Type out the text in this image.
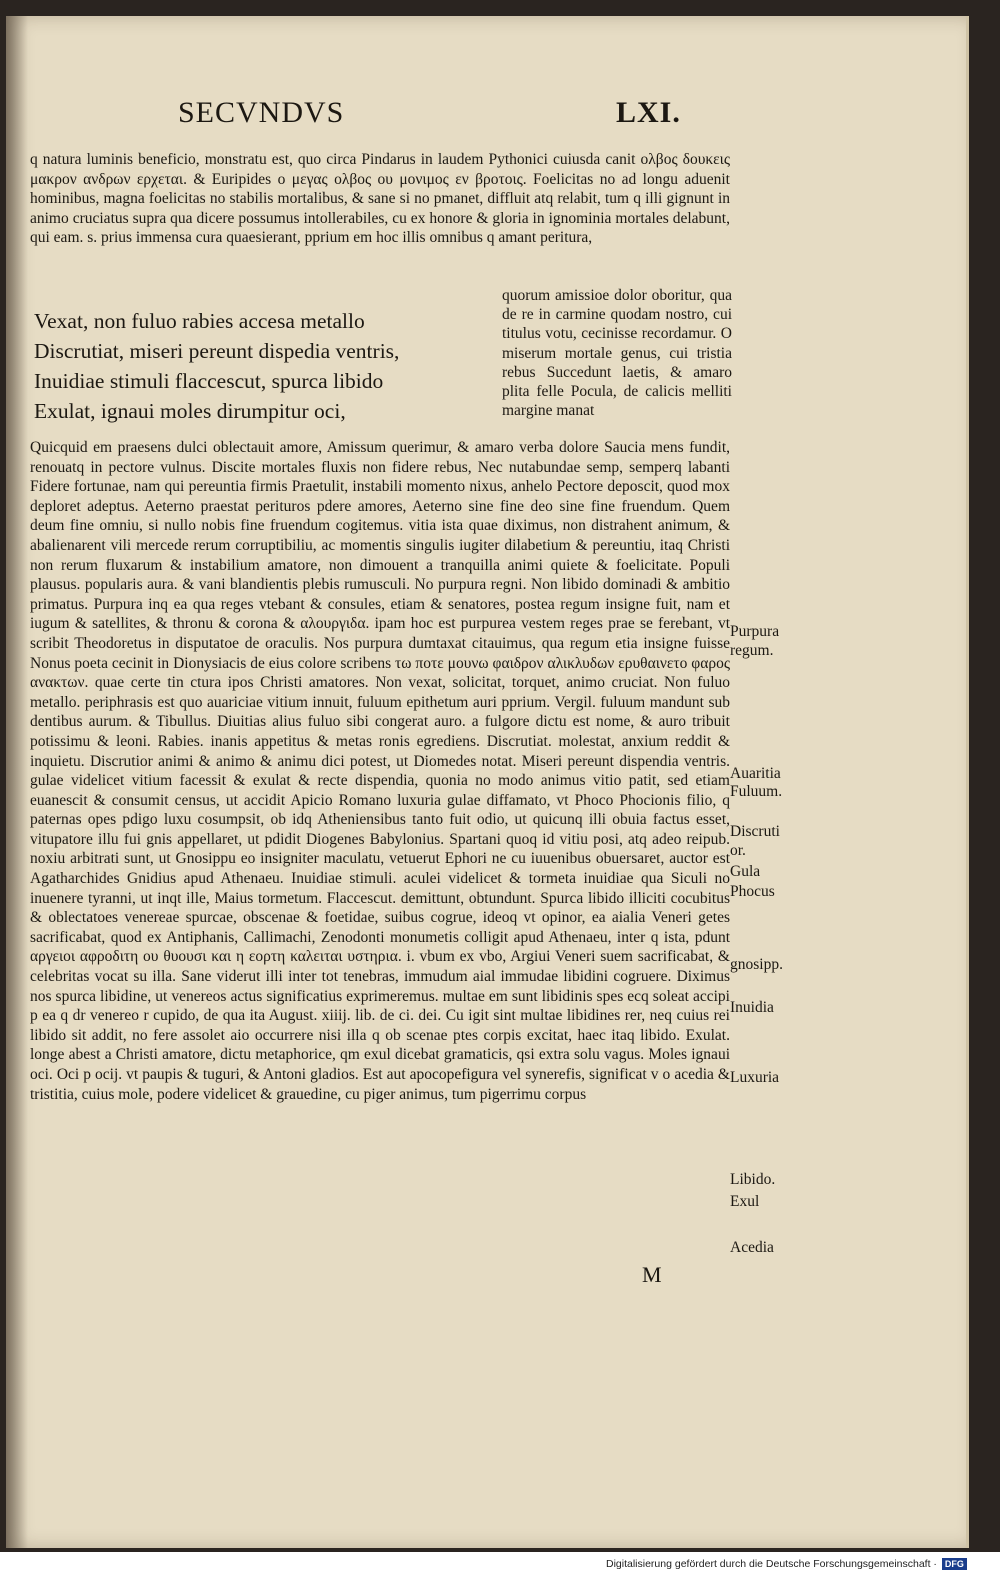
SECVNDVS	LXI.

q natura luminis beneficio, monstratu est, quo circa Pindarus in laudem Pythonici cuiusda canit ολβος δουκεις μακρον ανδρων ερχεται. & Euripides ο μεγας ολβος ου μονιμος εν βροτοις. Foelicitas no ad longu aduenit hominibus, magna foelicitas no stabilis mortalibus, & sane si no pmanet, diffluit atq relabit, tum q illi gignunt in animo cruciatus supra qua dicere possumus intollerabiles, cu ex honore & gloria in ignominia mortales delabunt, qui eam. s. prius immensa cura quaesierant, pprium em hoc illis omnibus q amant peritura,

Vexat, non fuluo rabies accesa metallo
Discrutiat, miseri pereunt dispedia ventris,
Inuidiae stimuli flaccescut, spurca libido
Exulat, ignaui moles dirumpitur oci,
quorum amissioe dolor oboritur, qua de re in carmine quodam nostro, cui titulus votu, cecinisse recordamur. O miserum mortale genus, cui tristia rebus Succedunt laetis, & amaro plita felle Pocula, de calicis melliti margine manat

Quicquid em praesens dulci oblectauit amore, Amissum querimur, & amaro verba dolore Saucia mens fundit, renouatq in pectore vulnus. Discite mortales fluxis non fidere rebus, Nec nutabundae semp, semperq labanti Fidere fortunae, nam qui pereuntia firmis Praetulit, instabili momento nixus, anhelo Pectore deposcit, quod mox deploret adeptus. Aeterno praestat perituros pdere amores, Aeterno sine fine deo sine fine fruendum. Quem deum fine omniu, si nullo nobis fine fruendum cogitemus. vitia ista quae diximus, non distrahent animum, & abalienarent vili mercede rerum corruptibiliu, ac momentis singulis iugiter dilabetium & pereuntiu, itaq Christi non rerum fluxarum & instabilium amatore, non dimouent a tranquilla animi quiete & foelicitate. Populi plausus. popularis aura. & vani blandientis plebis rumusculi. No purpura regni. Non libido dominadi & ambitio primatus. Purpura inq ea qua reges vtebant & consules, etiam & senatores, postea regum insigne fuit, nam et iugum & satellites, & thronu & corona & αλουργιδα. ipam hoc est purpurea vestem reges prae se ferebant, vt scribit Theodoretus in disputatoe de oraculis. Nos purpura dumtaxat citauimus, qua regum etia insigne fuisse Nonus poeta cecinit in Dionysiacis de eius colore scribens τω ποτε μουνω φαιδρον αλικλυδων ερυθαινετο φαρος ανακτων. quae certe tin ctura ipos Christi amatores. Non vexat, solicitat, torquet, animo cruciat. Non fuluo metallo. periphrasis est quo auariciae vitium innuit, fuluum epithetum auri pprium. Vergil. fuluum mandunt sub dentibus aurum. & Tibullus. Diuitias alius fuluo sibi congerat auro. a fulgore dictu est nome, & auro tribuit potissimu & leoni. Rabies. inanis appetitus & metas ronis egrediens. Discrutiat. molestat, anxium reddit & inquietu. Discrutior animi & animo & animu dici potest, ut Diomedes notat. Miseri pereunt dispendia ventris. gulae videlicet vitium facessit & exulat & recte dispendia, quonia no modo animus vitio patit, sed etiam euanescit & consumit census, ut accidit Apicio Romano luxuria gulae diffamato, vt Phoco Phocionis filio, q paternas opes pdigo luxu cosumpsit, ob idq Atheniensibus tanto fuit odio, ut quicunq illi obuia factus esset, vitupatore illu fui gnis appellaret, ut pdidit Diogenes Babylonius. Spartani quoq id vitiu posi, atq adeo reipub. noxiu arbitrati sunt, ut Gnosippu eo insigniter maculatu, vetuerut Ephori ne cu iuuenibus obuersaret, auctor est Agatharchides Gnidius apud Athenaeu. Inuidiae stimuli. aculei videlicet & tormeta inuidiae qua Siculi no inuenere tyranni, ut inqt ille, Maius tormetum. Flaccescut. demittunt, obtundunt. Spurca libido illiciti cocubitus & oblectatoes venereae spurcae, obscenae & foetidae, suibus cogrue, ideoq vt opinor, ea aialia Veneri getes sacrificabat, quod ex Antiphanis, Callimachi, Zenodonti monumetis colligit apud Athenaeu, inter q ista, pdunt αργειοι αφροδιτη ου θυουσι και η εορτη καλειται υστηρια. i. vbum ex vbo, Argiui Veneri suem sacrificabat, & celebritas vocat su illa. Sane viderut illi inter tot tenebras, immudum aial immudae libidini cogruere. Diximus nos spurca libidine, ut venereos actus significatius exprimeremus. multae em sunt libidinis spes ecq soleat accipi p ea q dr venereo r cupido, de qua ita August. xiiij. lib. de ci. dei. Cu igit sint multae libidines rer, neq cuius rei libido sit addit, no fere assolet aio occurrere nisi illa q ob scenae ptes corpis excitat, haec itaq libido. Exulat. longe abest a Christi amatore, dictu metaphorice, qm exul dicebat gramaticis, qsi extra solu vagus. Moles ignaui oci. Oci p ocij. vt paupis & tuguri, & Antoni gladios. Est aut apocopefigura vel synerefis, significat v o acedia & tristitia, cuius mole, podere videlicet & grauedine, cu piger animus, tum pigerrimu corpus

Purpura regum.
Auaritia
Fuluum.
Discruti or.
Gula
Phocus
gnosipp.
Inuidia
Luxuria
Libido.
Exul
Acedia
M
Digitalisierung gefördert durch die Deutsche Forschungsgemeinschaft · DFG
